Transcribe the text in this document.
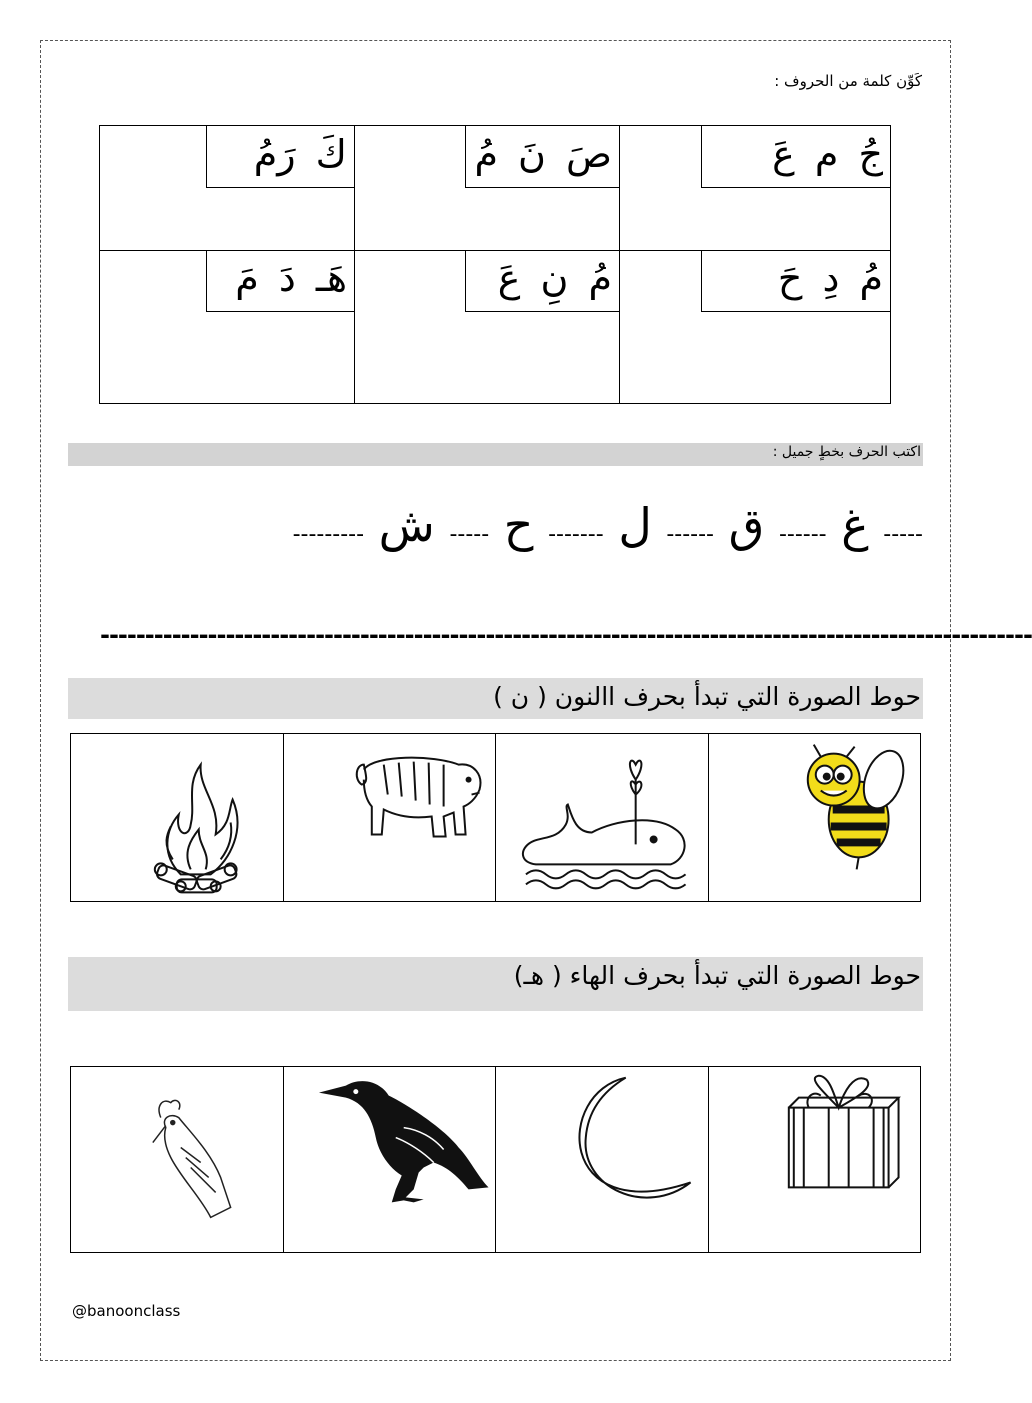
كَوِّن كلمة من الحروف :
جُ م عَ
صَ نَ مُ
كَ رَمُ
مُ دِ حَ
مُ نِ عَ
هَـ دَ مَ
اكتب الحرف بخطٍ جميل :
----- غ ------ ق ------ ل ------- ح ----- ش ---------
--------------------------------------------------------------------------------------------------------
حوط الصورة التي تبدأ بحرف االنون ( ن )
حوط الصورة التي تبدأ بحرف الهاء ( هـ)
@banoonclass
